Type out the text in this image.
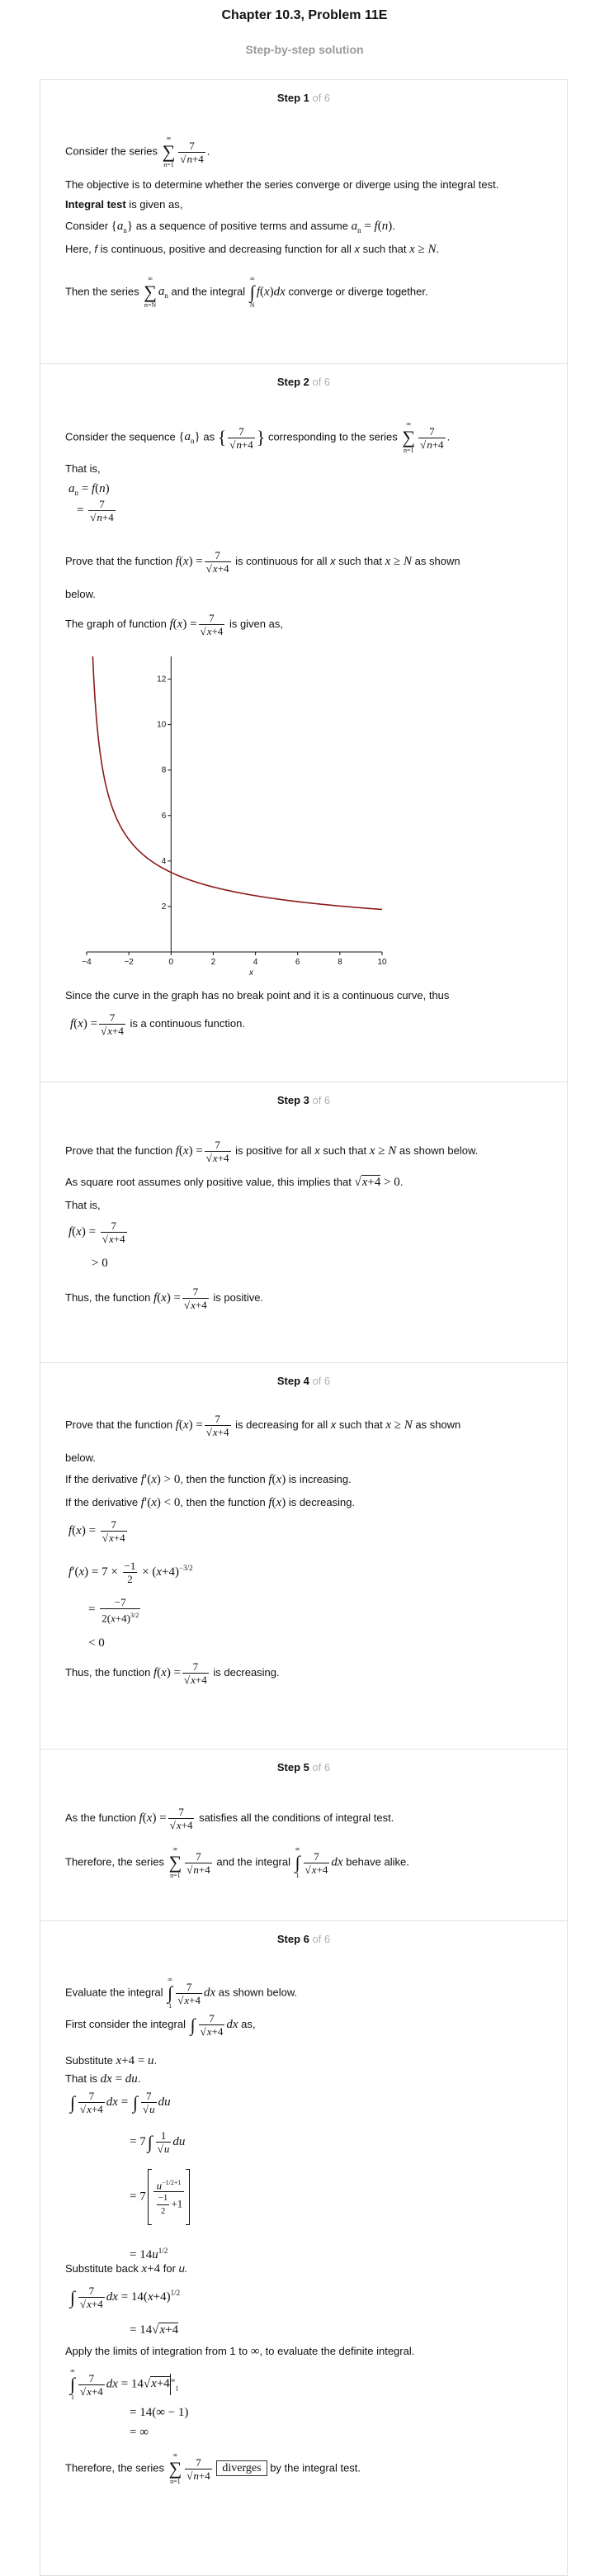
Chapter 10.3, Problem 11E
Step-by-step solution
Step 1 of 6
Consider the series
∞
∑
$n=1 \frac{7}{√n+4}$ .
The objective is to determine whether the series converge or diverge using the integral test.
Integral test is given as,
Consider $\{a_n\}$ as a sequence of positive terms and assume $a_n = f(n)$.
Here, f is continuous, positive and decreasing function for all x such that x ≥ N.
Then the series
∞
∑
n=N
$a_n$ and the integral
∞
∫
N
f(x)dx converge or diverge together.
Step 2 of 6
Consider the sequence $\{a_n\}$ as { $\frac{7}{√n+4}$ } corresponding to the series
∞
∑
$n=1 \frac{7}{√n+4}$ .
That is,
$a_n = f(n)$
= $\frac{7}{√n+4}$
Prove that the function $f(x) = \frac{7}{√x+4}$ is continuous for all x such that x ≥ N as shown
below.
The graph of function $f(x) = \frac{7}{√x+4}$ is given as,
−4	−2	0	2	4	6	8	10
2
4
6
8
10
12
x
Since the curve in the graph has no break point and it is a continuous curve, thus
$f(x) = \frac{7}{√x+4}$ is a continuous function.
Step 3 of 6
Prove that the function $f(x) = \frac{7}{√x+4}$ is positive for all x such that x ≥ N as shown below.
As square root assumes only positive value, this implies that √x+4 > 0.
That is,
$f(x) = \frac{7}{√x+4}$
> 0
Thus, the function $f(x) = \frac{7}{√x+4}$ is positive.
Step 4 of 6
Prove that the function $f(x) = \frac{7}{√x+4}$ is decreasing for all x such that x ≥ N as shown
below.
If the derivative f′(x) > 0, then the function f(x) is increasing.
If the derivative f′(x) < 0, then the function f(x) is decreasing.
$f(x) = \frac{7}{√x+4}$
$f'(x) = 7 \times \frac{-1}{2} \times (x+4)^{-3/2}$
= $\frac{-7}{2(x+4)^{3/2}}$
< 0
Thus, the function $f(x) = \frac{7}{√x+4}$ is decreasing.
Step 5 of 6
As the function $f(x) = \frac{7}{√x+4}$ satisfies all the conditions of integral test.
Therefore, the series
∞
∑
$n=1 \frac{7}{√n+4}$ and the integral
∞
∫
$1 \frac{7}{√x+4}$ dx behave alike.
Step 6 of 6
Evaluate the integral
∞
∫
$1 \frac{7}{√x+4}$ dx as shown below.
First consider the integral ∫ $\frac{7}{√x+4}$ dx as,
Substitute x+4 = u.
That is dx = du.
∫ $\frac{7}{√x+4}$ dx = ∫ $\frac{7}{√u}$ du
= $7\int \frac{1}{√u}$ du
= $7 \frac{u^{-1/2+1}}{\frac{-1}{2} +1}$
= $14u^{1/2}$
Substitute back x+4 for u.
∫ $\frac{7}{√x+4}$ dx = $14(x+4)^{1/2}$
= 14√x+4
Apply the limits of integration from 1 to ∞, to evaluate the definite integral.
∞
∫
$1 \frac{7}{√x+4}$ dx = $14√x+4^\infty_1$
= 14(∞ − 1)
= ∞
Therefore, the series
∞
∑
$n=1 \frac{7}{√n+4}$ diverges by the integral test.
